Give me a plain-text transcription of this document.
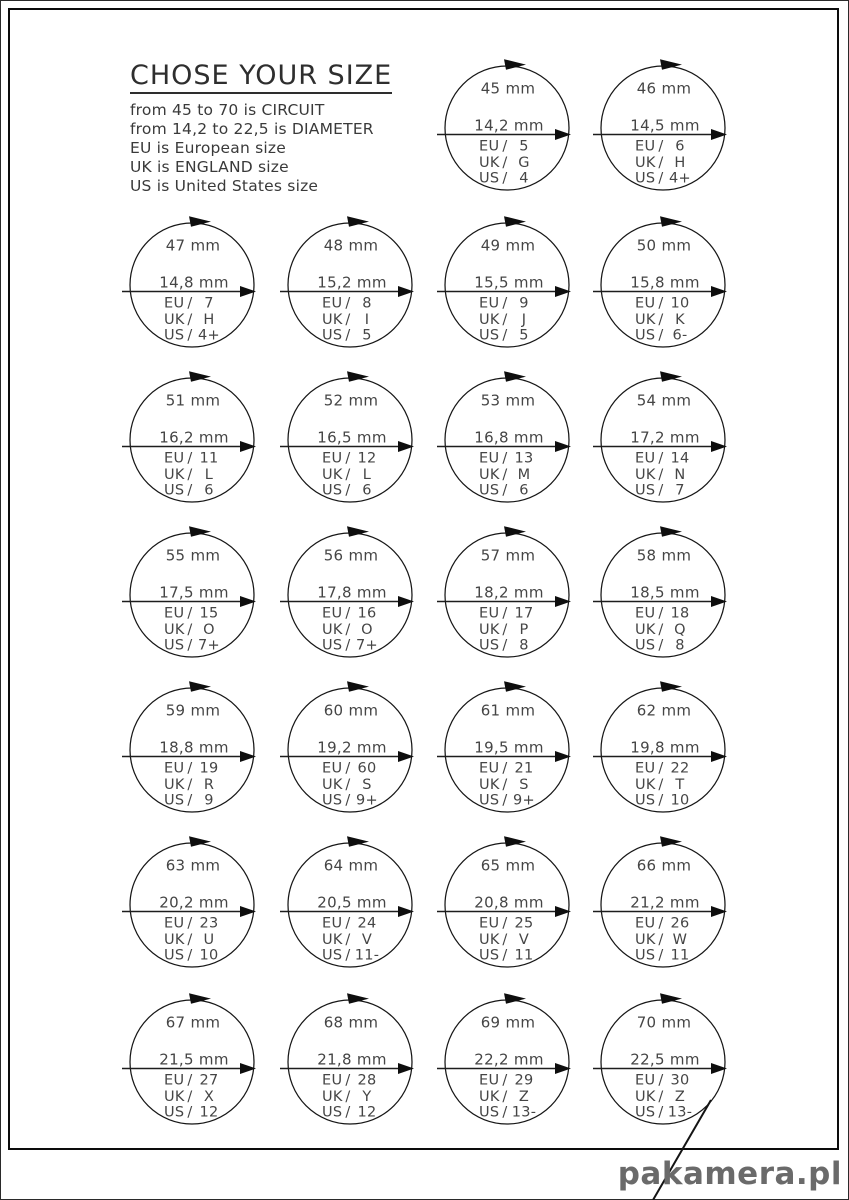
CHOSE YOUR SIZE

from 45 to 70 is CIRCUIT

from 14,2 to 22,5 is DIAMETER

EU is European size

UK is ENGLAND size

US is United States size

45 mm
14,2 mm
EU / 5
UK / G
US / 4
46 mm
14,5 mm
EU / 6
UK / H
US / 4+
47 mm
14,8 mm
EU / 7
UK / H
US / 4+
48 mm
15,2 mm
EU / 8
UK / I
US / 5
49 mm
15,5 mm
EU / 9
UK / J
US / 5
50 mm
15,8 mm
EU / 10
UK / K
US / 6-
51 mm
16,2 mm
EU / 11
UK / L
US / 6
52 mm
16,5 mm
EU / 12
UK / L
US / 6
53 mm
16,8 mm
EU / 13
UK / M
US / 6
54 mm
17,2 mm
EU / 14
UK / N
US / 7
55 mm
17,5 mm
EU / 15
UK / O
US / 7+
56 mm
17,8 mm
EU / 16
UK / O
US / 7+
57 mm
18,2 mm
EU / 17
UK / P
US / 8
58 mm
18,5 mm
EU / 18
UK / Q
US / 8
59 mm
18,8 mm
EU / 19
UK / R
US / 9
60 mm
19,2 mm
EU / 60
UK / S
US / 9+
61 mm
19,5 mm
EU / 21
UK / S
US / 9+
62 mm
19,8 mm
EU / 22
UK / T
US / 10
63 mm
20,2 mm
EU / 23
UK / U
US / 10
64 mm
20,5 mm
EU / 24
UK / V
US / 11-
65 mm
20,8 mm
EU / 25
UK / V
US / 11
66 mm
21,2 mm
EU / 26
UK / W
US / 11
67 mm
21,5 mm
EU / 27
UK / X
US / 12
68 mm
21,8 mm
EU / 28
UK / Y
US / 12
69 mm
22,2 mm
EU / 29
UK / Z
US / 13-
70 mm
22,5 mm
EU / 30
UK / Z
US / 13-
pakamera.pl
